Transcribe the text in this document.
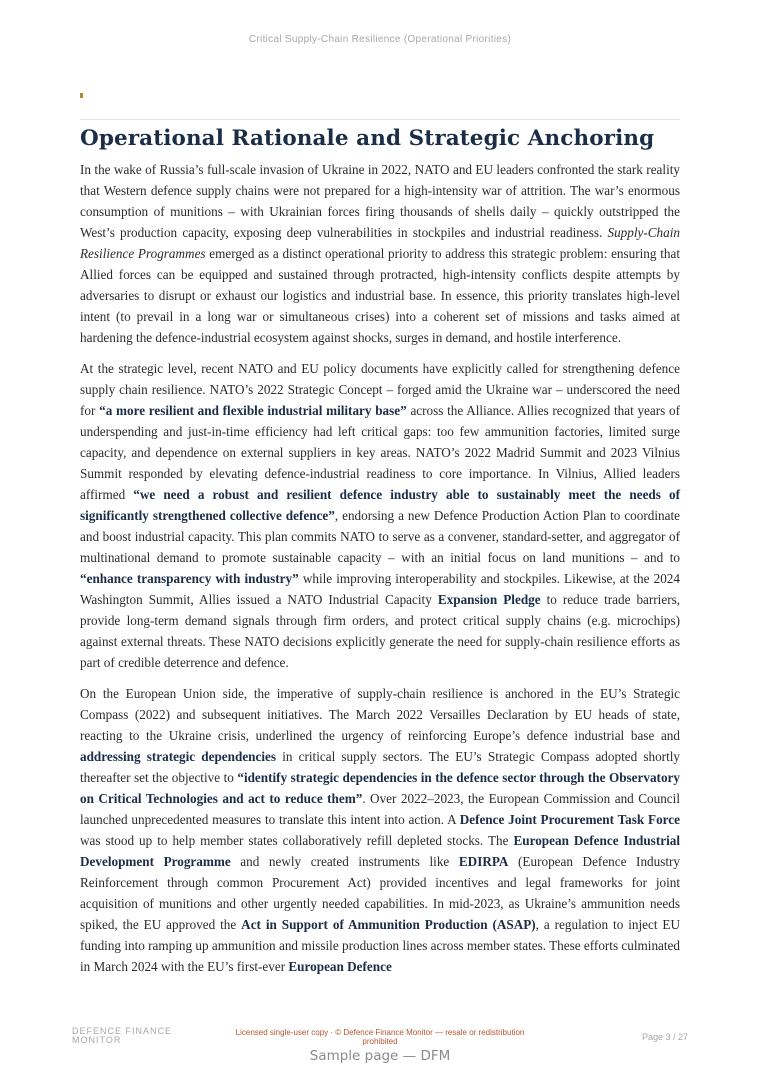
Critical Supply-Chain Resilience (Operational Priorities)
Operational Rationale and Strategic Anchoring

In the wake of Russia’s full-scale invasion of Ukraine in 2022, NATO and EU leaders confronted the stark reality that Western defence supply chains were not prepared for a high-intensity war of attrition. The war’s enormous consumption of munitions – with Ukrainian forces firing thousands of shells daily – quickly outstripped the West’s production capacity, exposing deep vulnerabilities in stockpiles and industrial readiness. Supply-Chain Resilience Programmes emerged as a distinct operational priority to address this strategic problem: ensuring that Allied forces can be equipped and sustained through protracted, high-intensity conflicts despite attempts by adversaries to disrupt or exhaust our logistics and industrial base. In essence, this priority translates high-level intent (to prevail in a long war or simultaneous crises) into a coherent set of missions and tasks aimed at hardening the defence-industrial ecosystem against shocks, surges in demand, and hostile interference.

At the strategic level, recent NATO and EU policy documents have explicitly called for strengthening defence supply chain resilience. NATO’s 2022 Strategic Concept – forged amid the Ukraine war – underscored the need for “a more resilient and flexible industrial military base” across the Alliance. Allies recognized that years of underspending and just-in-time efficiency had left critical gaps: too few ammunition factories, limited surge capacity, and dependence on external suppliers in key areas. NATO’s 2022 Madrid Summit and 2023 Vilnius Summit responded by elevating defence-industrial readiness to core importance. In Vilnius, Allied leaders affirmed “we need a robust and resilient defence industry able to sustainably meet the needs of significantly strengthened collective defence”, endorsing a new Defence Production Action Plan to coordinate and boost industrial capacity. This plan commits NATO to serve as a convener, standard-setter, and aggregator of multinational demand to promote sustainable capacity – with an initial focus on land munitions – and to “enhance transparency with industry” while improving interoperability and stockpiles. Likewise, at the 2024 Washington Summit, Allies issued a NATO Industrial Capacity Expansion Pledge to reduce trade barriers, provide long-term demand signals through firm orders, and protect critical supply chains (e.g. microchips) against external threats. These NATO decisions explicitly generate the need for supply-chain resilience efforts as part of credible deterrence and defence.

On the European Union side, the imperative of supply-chain resilience is anchored in the EU’s Strategic Compass (2022) and subsequent initiatives. The March 2022 Versailles Declaration by EU heads of state, reacting to the Ukraine crisis, underlined the urgency of reinforcing Europe’s defence industrial base and addressing strategic dependencies in critical supply sectors. The EU’s Strategic Compass adopted shortly thereafter set the objective to “identify strategic dependencies in the defence sector through the Observatory on Critical Technologies and act to reduce them”. Over 2022–2023, the European Commission and Council launched unprecedented measures to translate this intent into action. A Defence Joint Procurement Task Force was stood up to help member states collaboratively refill depleted stocks. The European Defence Industrial Development Programme and newly created instruments like EDIRPA (European Defence Industry Reinforcement through common Procurement Act) provided incentives and legal frameworks for joint acquisition of munitions and other urgently needed capabilities. In mid-2023, as Ukraine’s ammunition needs spiked, the EU approved the Act in Support of Ammunition Production (ASAP), a regulation to inject EU funding into ramping up ammunition and missile production lines across member states. These efforts culminated in March 2024 with the EU’s first-ever European Defence

DEFENCE FINANCE
MONITOR
Licensed single-user copy · © Defence Finance Monitor — resale or redistribution prohibited	Page 3 / 27
Sample page — DFM
